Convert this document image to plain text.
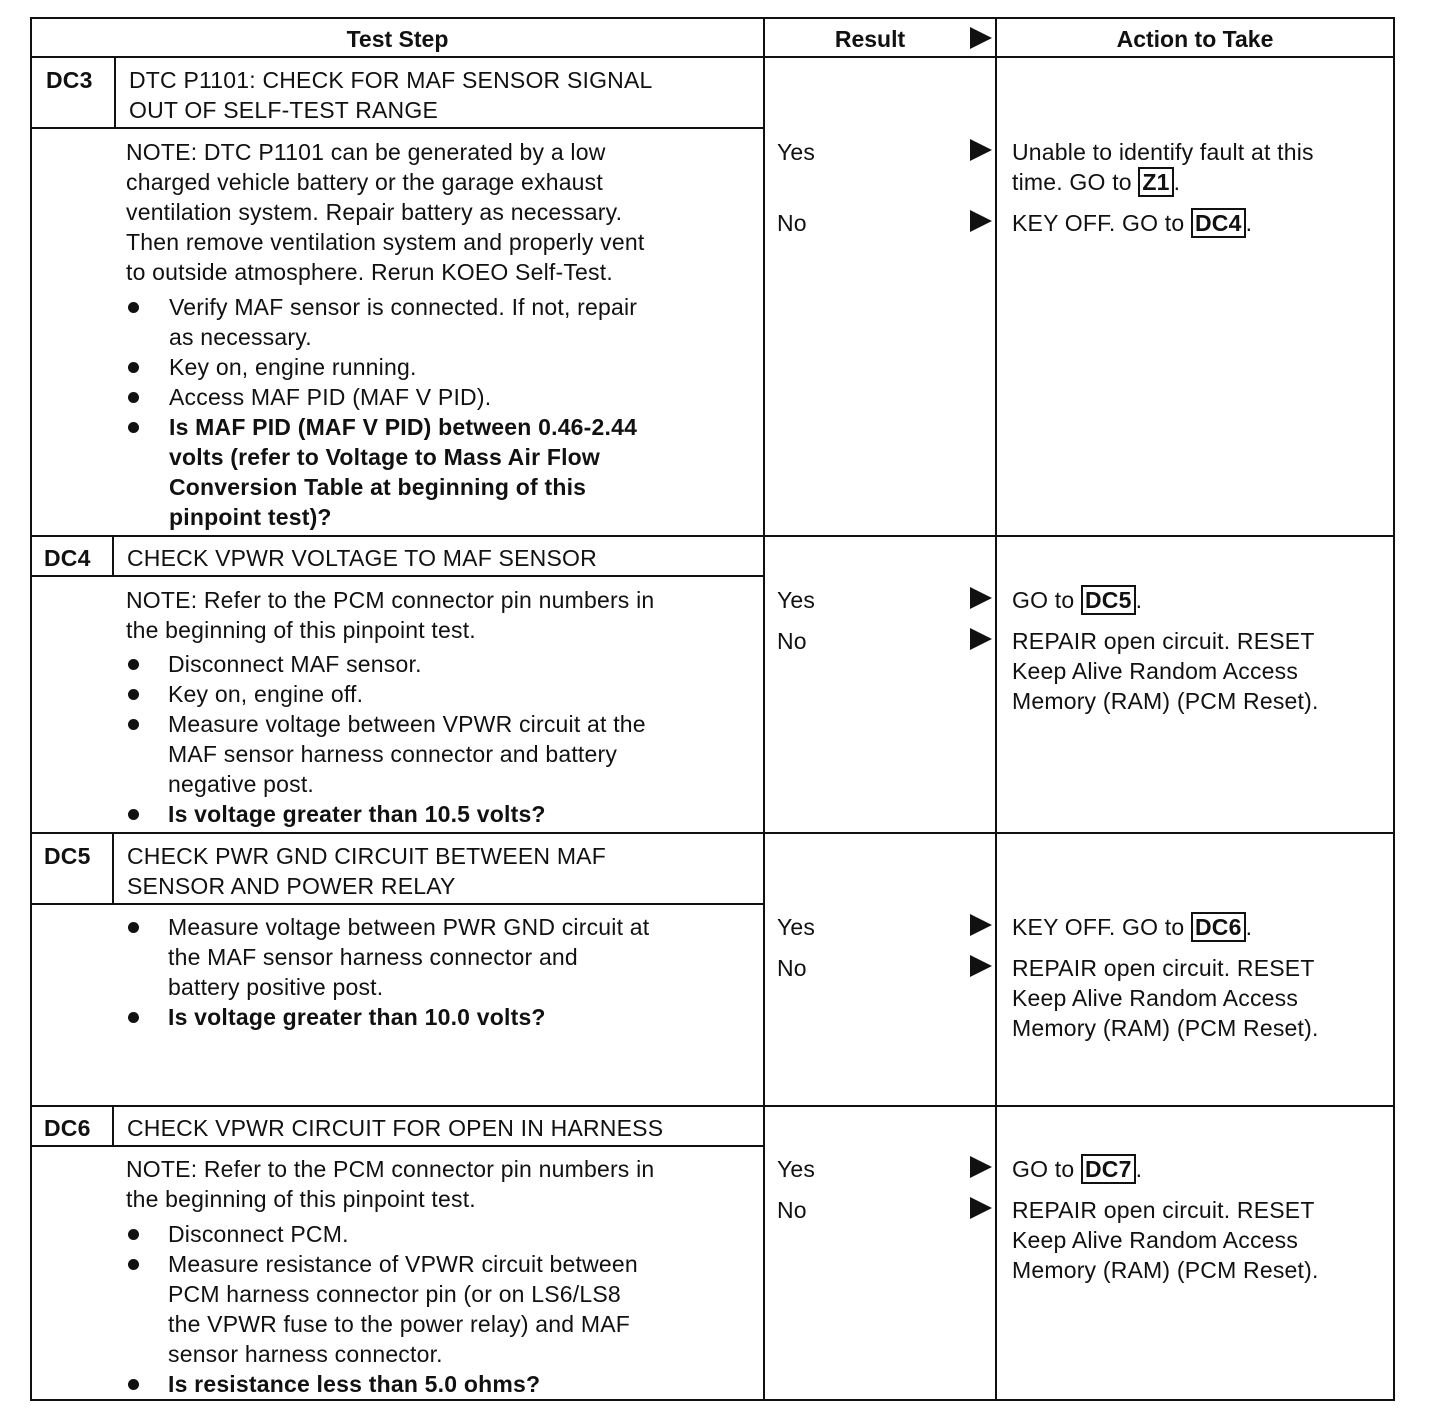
Test Step	Result	Action to Take
DC3 DTC P1101: CHECK FOR MAF SENSOR SIGNAL
OUT OF SELF-TEST RANGE
NOTE: DTC P1101 can be generated by a low
charged vehicle battery or the garage exhaust
ventilation system. Repair battery as necessary.
Then remove ventilation system and properly vent
to outside atmosphere. Rerun KOEO Self-Test.
Verify MAF sensor is connected. If not, repair
as necessary.
Key on, engine running.
Access MAF PID (MAF V PID).
Is MAF PID (MAF V PID) between 0.46-2.44
volts (refer to Voltage to Mass Air Flow
Conversion Table at beginning of this
pinpoint test)?
Yes	Unable to identify fault at this
time. GO to Z1 .
No	KEY OFF. GO to DC4 .
DC4 CHECK VPWR VOLTAGE TO MAF SENSOR
NOTE: Refer to the PCM connector pin numbers in
the beginning of this pinpoint test.
Disconnect MAF sensor.
Key on, engine off.
Measure voltage between VPWR circuit at the
MAF sensor harness connector and battery
negative post.
Is voltage greater than 10.5 volts?
Yes	GO to DC5 .
No	REPAIR open circuit. RESET
Keep Alive Random Access
Memory (RAM) (PCM Reset).
DC5 CHECK PWR GND CIRCUIT BETWEEN MAF
SENSOR AND POWER RELAY
Measure voltage between PWR GND circuit at
the MAF sensor harness connector and
battery positive post.
Is voltage greater than 10.0 volts?
Yes	KEY OFF. GO to DC6 .
No	REPAIR open circuit. RESET
Keep Alive Random Access
Memory (RAM) (PCM Reset).
DC6 CHECK VPWR CIRCUIT FOR OPEN IN HARNESS
NOTE: Refer to the PCM connector pin numbers in
the beginning of this pinpoint test.
Disconnect PCM.
Measure resistance of VPWR circuit between
PCM harness connector pin (or on LS6/LS8
the VPWR fuse to the power relay) and MAF
sensor harness connector.
Is resistance less than 5.0 ohms?
Yes	GO to DC7 .
No	REPAIR open circuit. RESET
Keep Alive Random Access
Memory (RAM) (PCM Reset).
